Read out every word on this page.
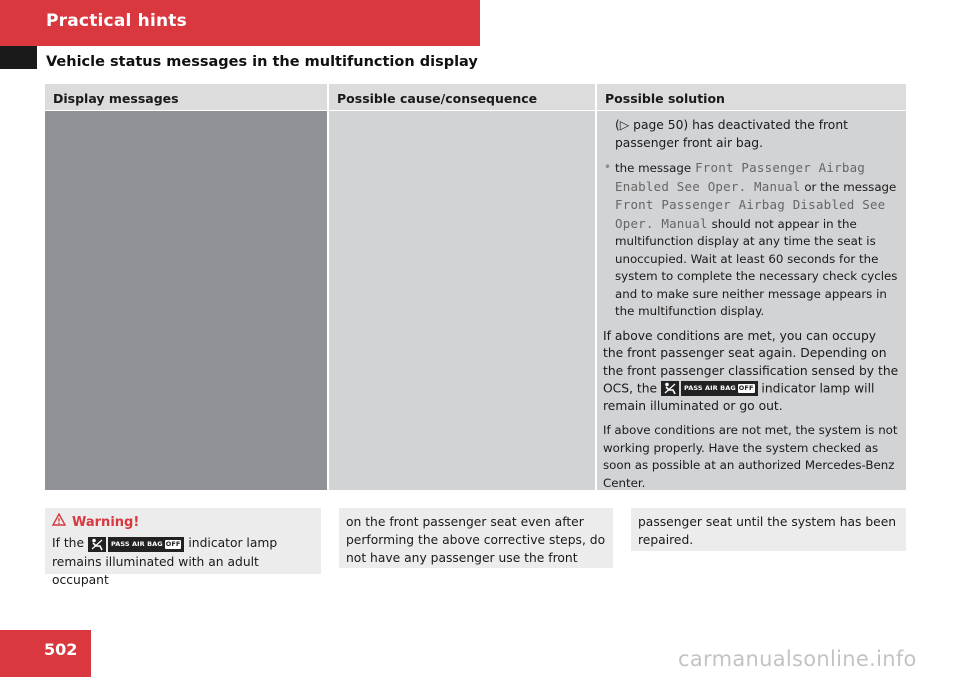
Practical hints
Vehicle status messages in the multifunction display
Display messages	Possible cause/consequence	Possible solution

(▷ page 50) has deactivated the front passenger front air bag.

• the message Front Passenger Airbag Enabled See Oper. Manual or the message Front Passenger Airbag Disabled See Oper. Manual should not appear in the multifunction display at any time the seat is unoccupied. Wait at least 60 seconds for the system to complete the necessary check cycles and to make sure neither message appears in the multifunction display.

If above conditions are met, you can occupy the front passenger seat again. Depending on the front passenger classification sensed by the OCS, the	PASS AIR BAG OFF indicator lamp will remain illuminated or go out.

If above conditions are not met, the system is not working properly. Have the system checked as soon as possible at an authorized Mercedes-Benz Center.

Warning!
If the	PASS AIR BAG OFF indicator lamp remains illuminated with an adult occupant
on the front passenger seat even after performing the above corrective steps, do not have any passenger use the front
passenger seat until the system has been repaired.
502	carmanualsonline.info
